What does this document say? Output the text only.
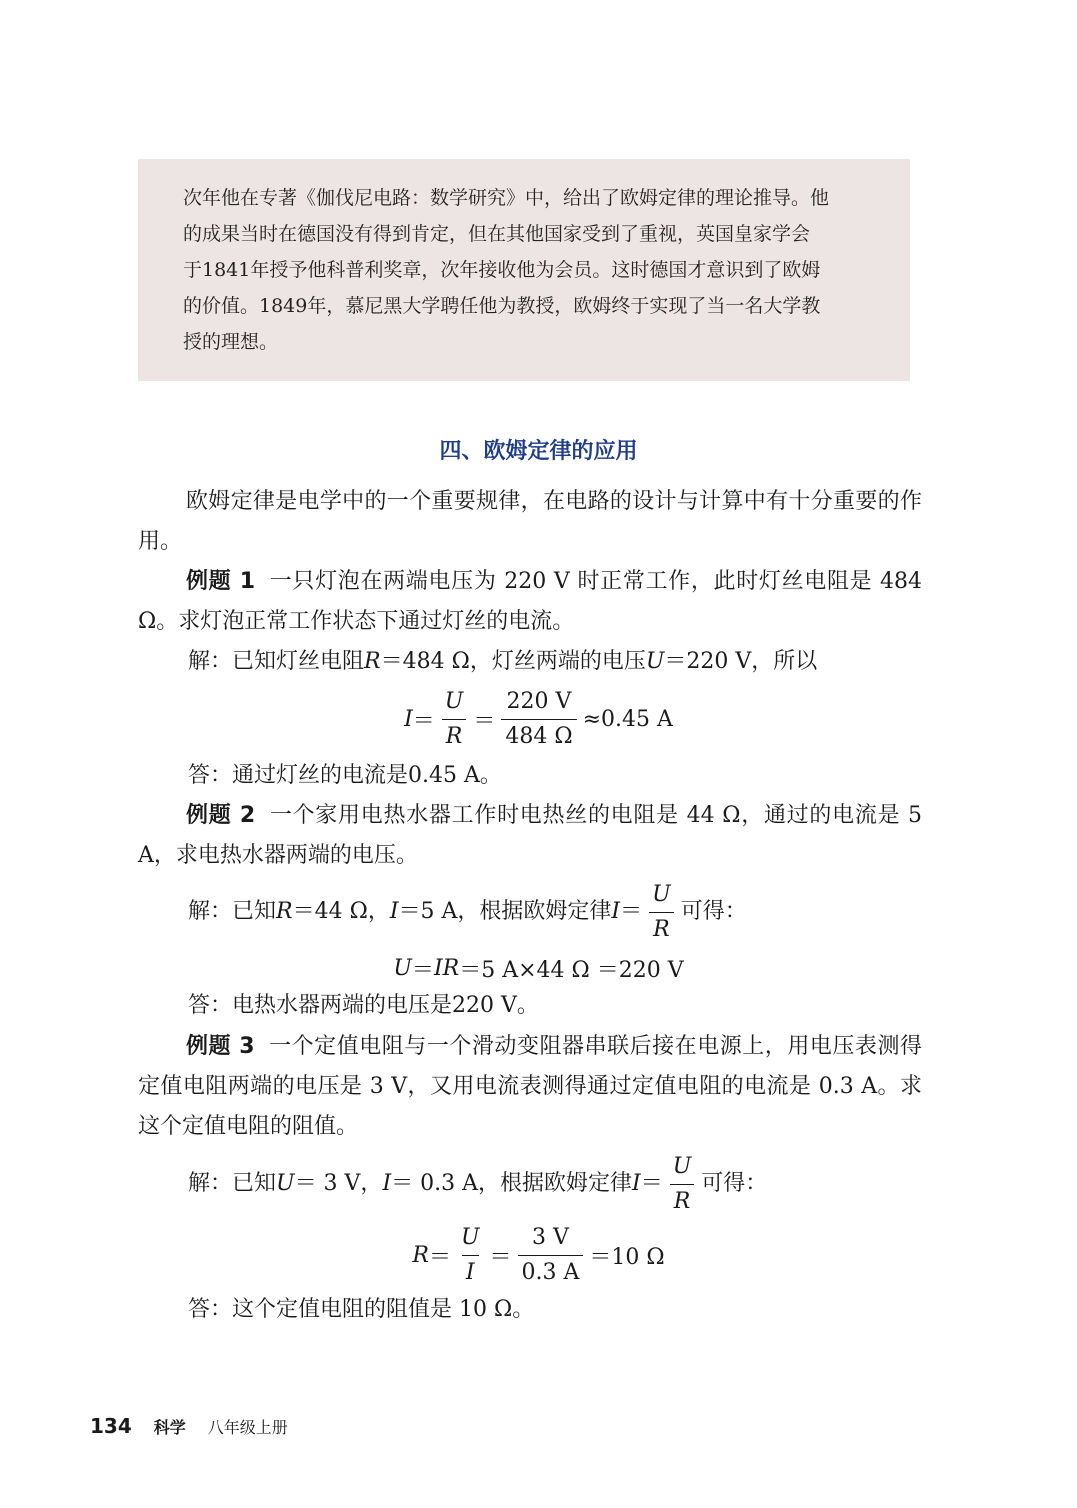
次年他在专著《伽伐尼电路：数学研究》中，给出了欧姆定律的理论推导。他

的成果当时在德国没有得到肯定，但在其他国家受到了重视，英国皇家学会

于1841年授予他科普利奖章，次年接收他为会员。这时德国才意识到了欧姆

的价值。1849年，慕尼黑大学聘任他为教授，欧姆终于实现了当一名大学教

授的理想。

四、欧姆定律的应用

欧姆定律是电学中的一个重要规律，在电路的设计与计算中有十分重要的作用。

例题 1 一只灯泡在两端电压为 220 V 时正常工作，此时灯丝电阻是 484 Ω。求灯泡正常工作状态下通过灯丝的电流。

解：已知灯丝电阻R＝484 Ω，灯丝两端的电压U＝220 V，所以

$I = \frac{U}{R} = \frac{220 V}{484 \Omega} \approx 0.45$ A

答：通过灯丝的电流是0.45 A。

例题 2 一个家用电热水器工作时电热丝的电阻是 44 Ω，通过的电流是 5 A，求电热水器两端的电压。

解：已知 R ＝44 Ω， I ＝5 A，根据欧姆定律 $I = \frac{U}{R}$ 可得：
U ＝ IR ＝5 A×44 Ω ＝220 V

答：电热水器两端的电压是220 V。

例题 3 一个定值电阻与一个滑动变阻器串联后接在电源上，用电压表测得定值电阻两端的电压是 3 V，又用电流表测得通过定值电阻的电流是 0.3 A。求这个定值电阻的阻值。

解：已知 U ＝ 3 V， I ＝ 0.3 A，根据欧姆定律 $I = \frac{U}{R}$ 可得：
$R = \frac{U}{I} = \frac{3 V}{0.3 A} =10$ Ω

答：这个定值电阻的阻值是 10 Ω。

134 科学 八年级上册
